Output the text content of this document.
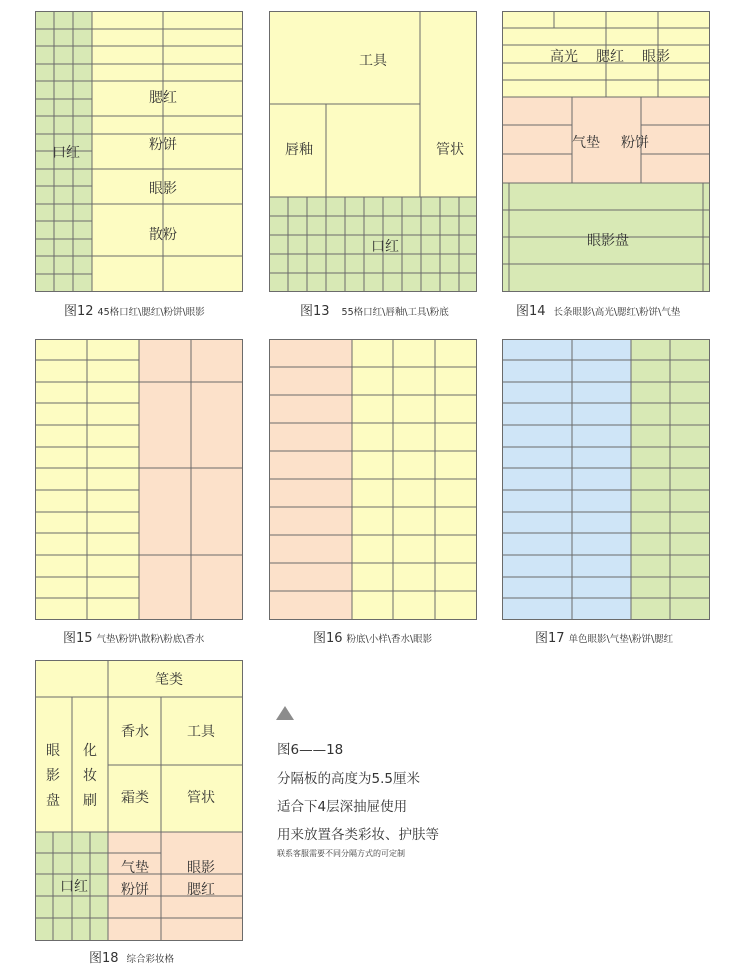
口红
腮红
粉饼
眼影
散粉
图12 45格口红\腮红\粉饼\眼影
工具
唇釉	管状
口红
图13 55格口红\唇釉\工具\粉底
高光 腮红 眼影
气垫 粉饼
眼影盘
图14 长条眼影\高光\腮红\粉饼\气垫
图15 气垫\粉饼\散粉\粉底\香水	图16 粉底\小样\香水\眼影	图17 单色眼影\气垫\粉饼\腮红
笔类
眼
影
盘
化
妆
刷
香水	工具
霜类	管状
气垫
粉饼
眼影
腮红
口红
图18 综合彩妆格
图6——18
分隔板的高度为5.5厘米
适合下4层深抽屉使用
用来放置各类彩妆、护肤等
联系客服需要不同分隔方式的可定制
